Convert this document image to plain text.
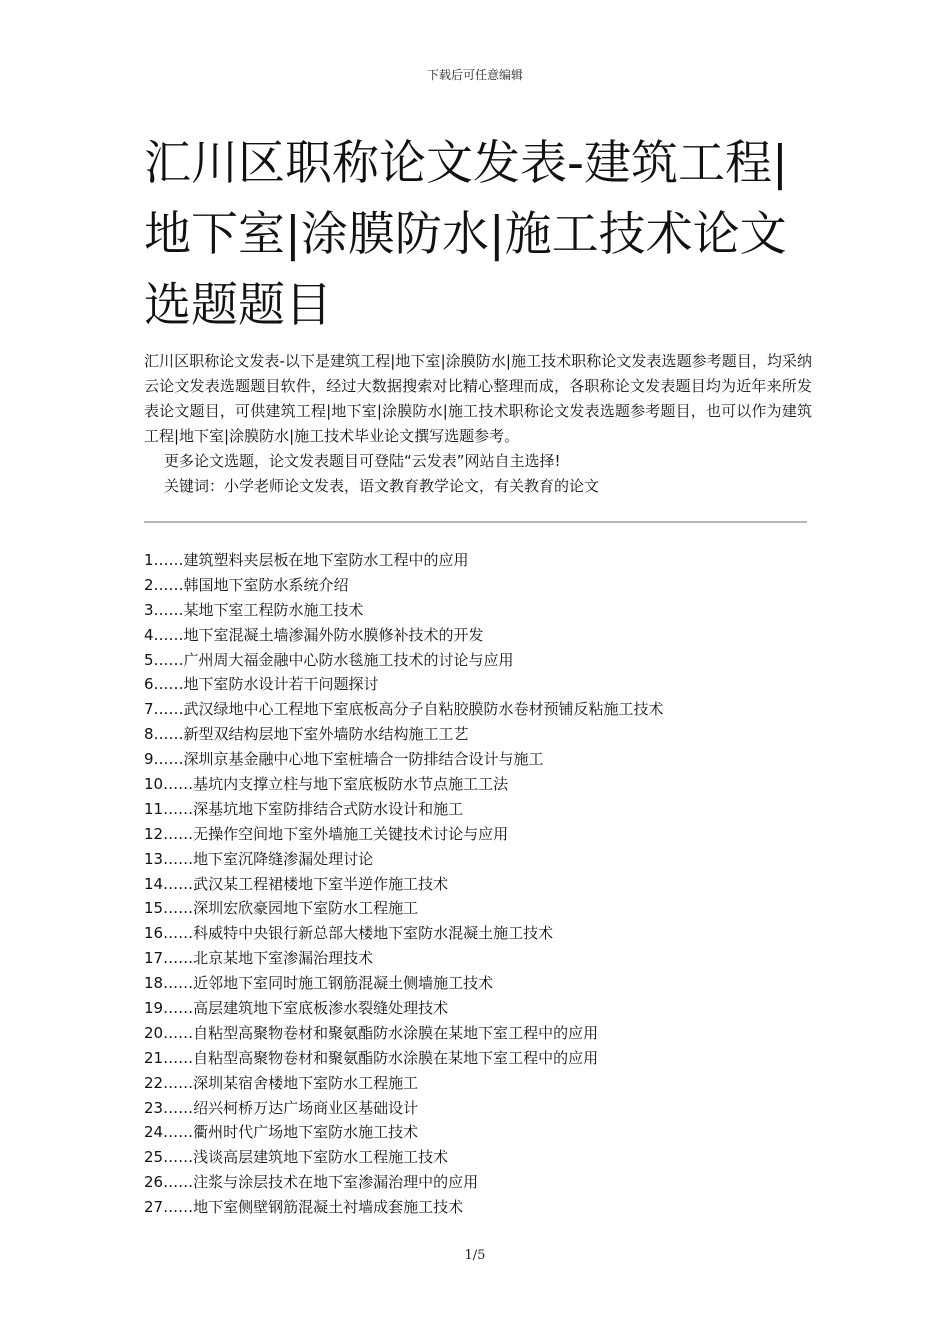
下载后可任意编辑
汇川区职称论文发表-建筑工程|地下室|涂膜防水|施工技术论文选题题目

汇川区职称论文发表-以下是建筑工程|地下室|涂膜防水|施工技术职称论文发表选题参考题目，均采纳云论文发表选题题目软件，经过大数据搜索对比精心整理而成，各职称论文发表题目均为近年来所发表论文题目，可供建筑工程|地下室|涂膜防水|施工技术职称论文发表选题参考题目，也可以作为建筑工程|地下室|涂膜防水|施工技术毕业论文撰写选题参考。

更多论文选题，论文发表题目可登陆“云发表”网站自主选择!

关键词：小学老师论文发表，语文教育教学论文，有关教育的论文

1……建筑塑料夹层板在地下室防水工程中的应用
2……韩国地下室防水系统介绍
3……某地下室工程防水施工技术
4……地下室混凝土墙渗漏外防水膜修补技术的开发
5……广州周大福金融中心防水毯施工技术的讨论与应用
6……地下室防水设计若干问题探讨
7……武汉绿地中心工程地下室底板高分子自粘胶膜防水卷材预铺反粘施工技术
8……新型双结构层地下室外墙防水结构施工工艺
9……深圳京基金融中心地下室桩墙合一防排结合设计与施工
10……基坑内支撑立柱与地下室底板防水节点施工工法
11……深基坑地下室防排结合式防水设计和施工
12……无操作空间地下室外墙施工关键技术讨论与应用
13……地下室沉降缝渗漏处理讨论
14……武汉某工程裙楼地下室半逆作施工技术
15……深圳宏欣豪园地下室防水工程施工
16……科威特中央银行新总部大楼地下室防水混凝土施工技术
17……北京某地下室渗漏治理技术
18……近邻地下室同时施工钢筋混凝土侧墙施工技术
19……高层建筑地下室底板渗水裂缝处理技术
20……自粘型高聚物卷材和聚氨酯防水涂膜在某地下室工程中的应用
21……自粘型高聚物卷材和聚氨酯防水涂膜在某地下室工程中的应用
22……深圳某宿舍楼地下室防水工程施工
23……绍兴柯桥万达广场商业区基础设计
24……衢州时代广场地下室防水施工技术
25……浅谈高层建筑地下室防水工程施工技术
26……注浆与涂层技术在地下室渗漏治理中的应用
27……地下室侧壁钢筋混凝土衬墙成套施工技术
1/5
